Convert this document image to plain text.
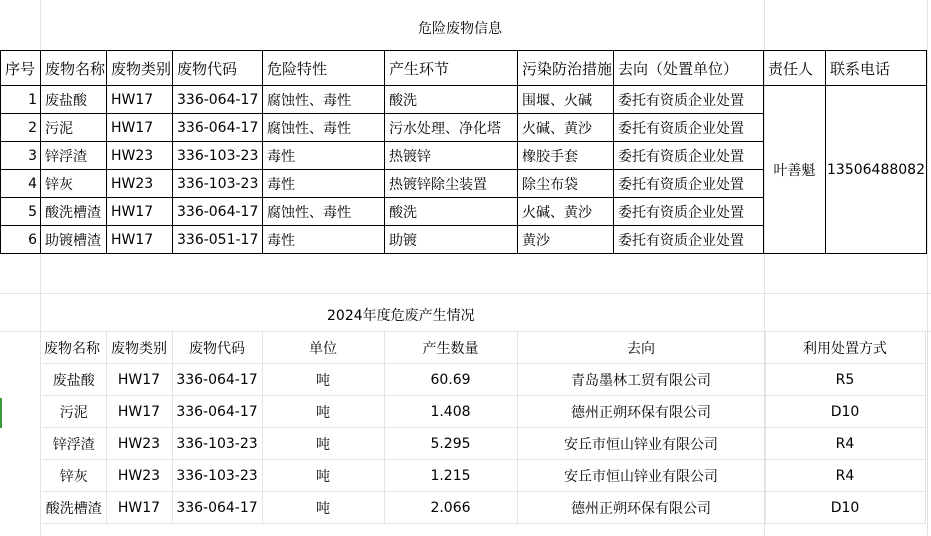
危险废物信息
序号	废物名称	废物类别	废物代码	危险特性	产生环节	污染防治措施	去向（处置单位）	责任人	联系电话
1	废盐酸	HW17	336-064-17	腐蚀性、毒性	酸洗	围堰、火碱	委托有资质企业处置	叶善魁	13506488082
2	污泥	HW17	336-064-17	腐蚀性、毒性	污水处理、净化塔	火碱、黄沙	委托有资质企业处置		
3	锌浮渣	HW23	336-103-23	毒性	热镀锌	橡胶手套	委托有资质企业处置		
4	锌灰	HW23	336-103-23	毒性	热镀锌除尘装置	除尘布袋	委托有资质企业处置		
5	酸洗槽渣	HW17	336-064-17	腐蚀性、毒性	酸洗	火碱、黄沙	委托有资质企业处置		
6	助镀槽渣	HW17	336-051-17	毒性	助镀	黄沙	委托有资质企业处置		
2024年度危废产生情况
废物名称	废物类别	废物代码	单位	产生数量	去向	利用处置方式
废盐酸	HW17	336-064-17	吨	60.69	青岛墨林工贸有限公司	R5
污泥	HW17	336-064-17	吨	1.408	德州正朔环保有限公司	D10
锌浮渣	HW23	336-103-23	吨	5.295	安丘市恒山锌业有限公司	R4
锌灰	HW23	336-103-23	吨	1.215	安丘市恒山锌业有限公司	R4
酸洗槽渣	HW17	336-064-17	吨	2.066	德州正朔环保有限公司	D10
